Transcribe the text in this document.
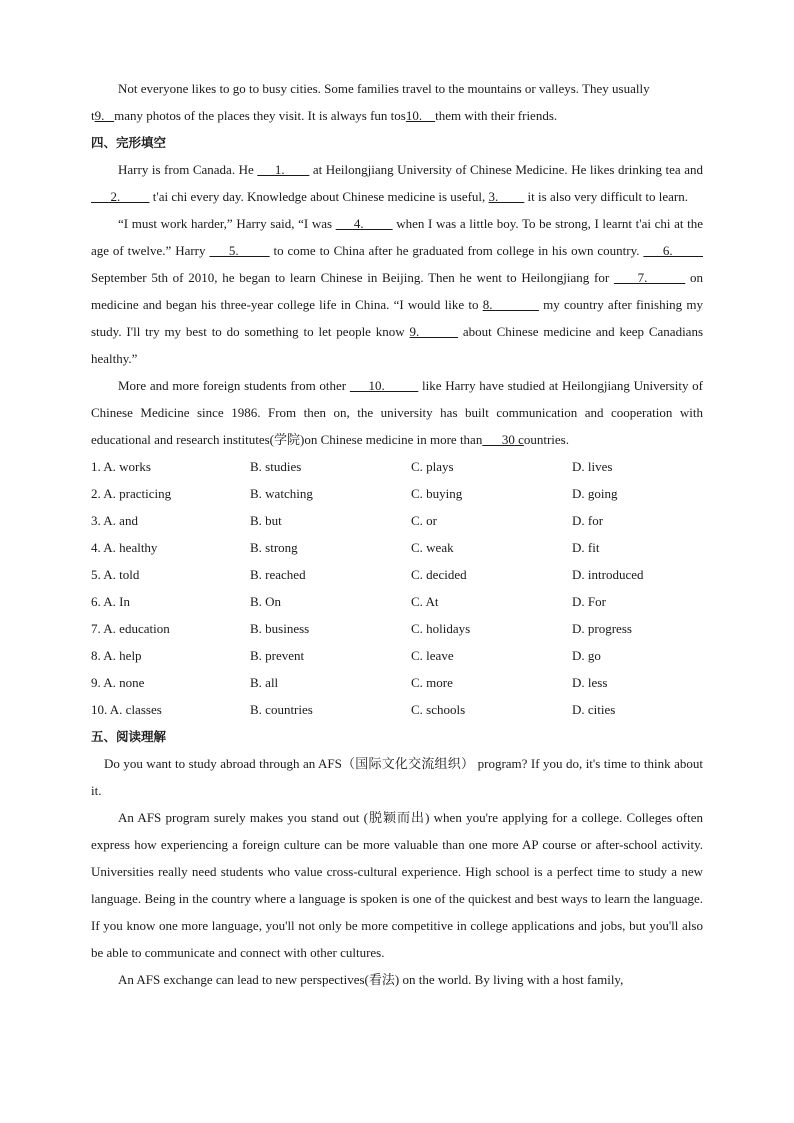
Not everyone likes to go to busy cities. Some families travel to the mountains or valleys. They usually

t9.   many photos of the places they visit. It is always fun tos10.    them with their friends.

四、完形填空

Harry is from Canada. He      1.        at Heilongjiang University of Chinese Medicine. He likes drinking tea and       2.          t'ai chi every day. Knowledge about Chinese medicine is useful, 3.         it is also very difficult to learn.

“I must work harder,” Harry said, “I was      4.         when I was a little boy. To be strong, I learnt t'ai chi at the age of twelve.” Harry      5.         to come to China after he graduated from college in his own country.      6.         September 5th of 2010, he began to learn Chinese in Beijing. Then he went to Heilongjiang for      7.         on medicine and began his three-year college life in China. “I would like to 8.            my country after finishing my study. I'll try my best to do something to let people know 9.         about Chinese medicine and keep Canadians healthy.”

More and more foreign students from other      10.          like Harry have studied at Heilongjiang University of Chinese Medicine since 1986. From then on, the university has built communication and cooperation with educational and research institutes(学院)on Chinese medicine in more than      30 countries.

1. A. works	B. studies	C. plays	D. lives
2. A. practicing	B. watching	C. buying	D. going
3. A. and	B. but	C. or	D. for
4. A. healthy	B. strong	C. weak	D. fit
5. A. told	B. reached	C. decided	D. introduced
6. A. In	B. On	C. At	D. For
7. A. education	B. business	C. holidays	D. progress
8. A. help	B. prevent	C. leave	D. go
9. A. none	B. all	C. more	D. less
10. A. classes	B. countries	C. schools	D. cities

五、阅读理解

Do you want to study abroad through an AFS（国际文化交流组织） program? If you do, it's time to think about it.

An AFS program surely makes you stand out (脱颖而出) when you're applying for a college. Colleges often express how experiencing a foreign culture can be more valuable than one more AP course or after-school activity. Universities really need students who value cross-cultural experience. High school is a perfect time to study a new language. Being in the country where a language is spoken is one of the quickest and best ways to learn the language. If you know one more language, you'll not only be more competitive in college applications and jobs, but you'll also be able to communicate and connect with other cultures.

An AFS exchange can lead to new perspectives(看法) on the world. By living with a host family,
